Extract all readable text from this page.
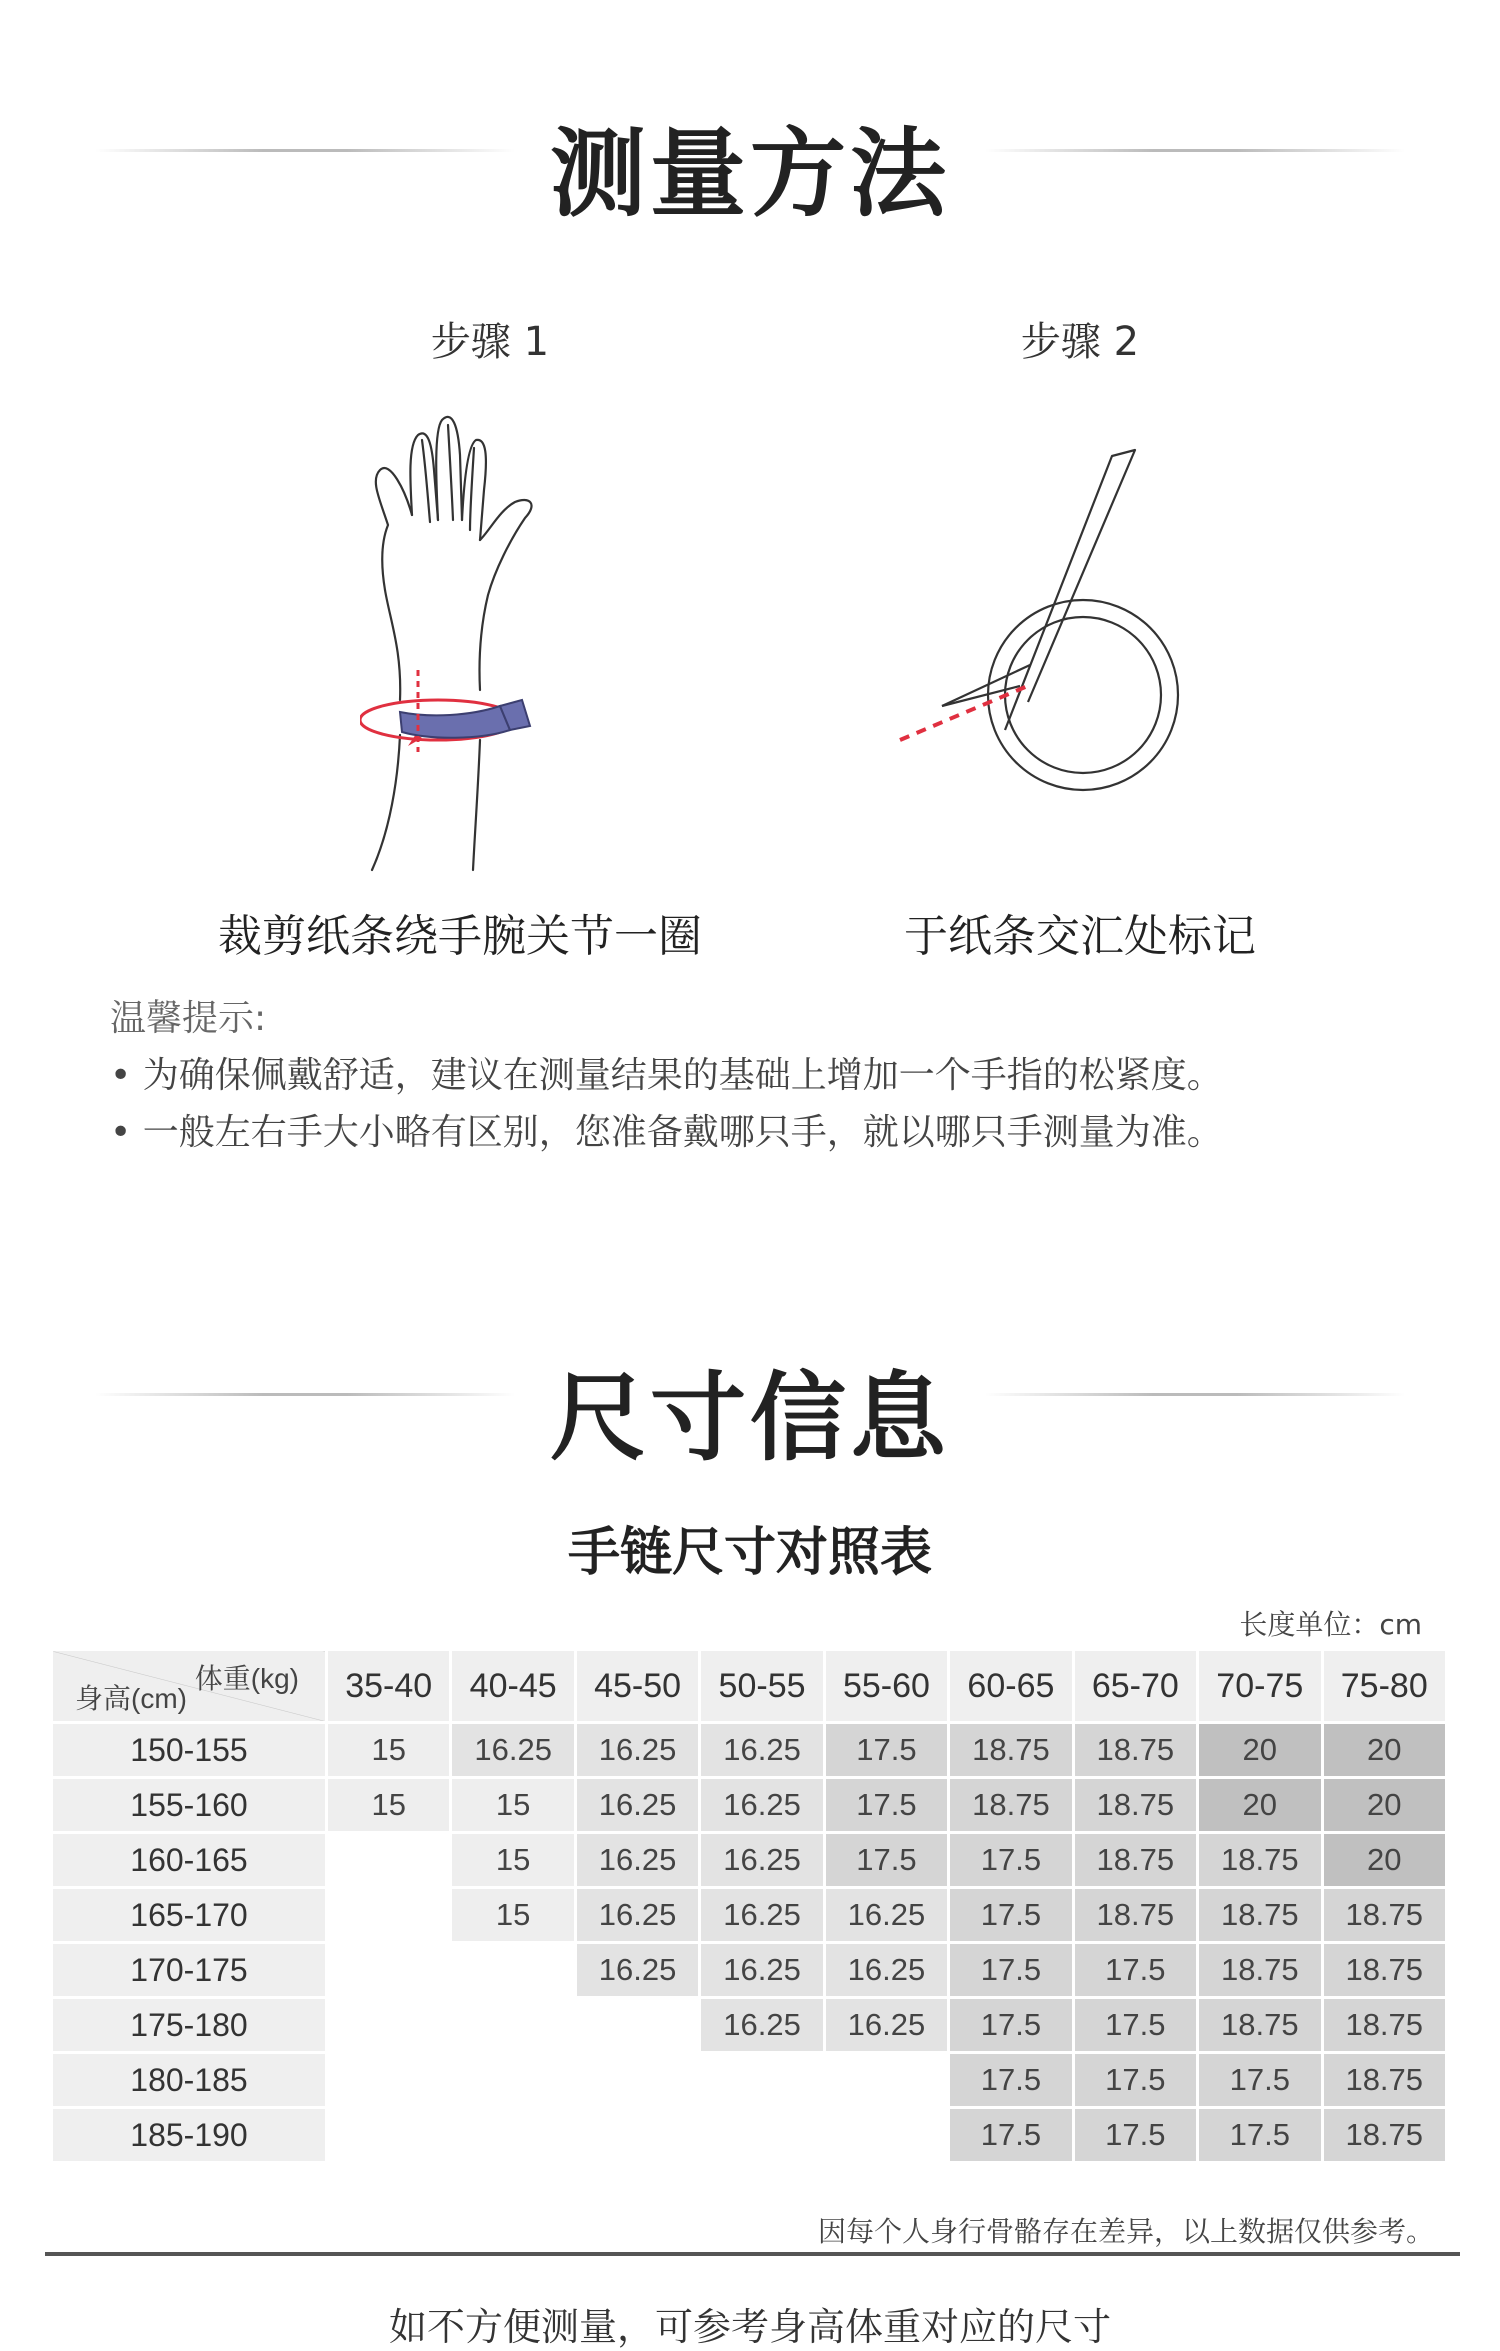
测量方法
步骤 1	步骤 2
裁剪纸条绕手腕关节一圈	于纸条交汇处标记
温馨提示:
• 为确保佩戴舒适，建议在测量结果的基础上增加一个手指的松紧度。
• 一般左右手大小略有区别，您准备戴哪只手，就以哪只手测量为准。
尺寸信息
手链尺寸对照表
长度单位：cm
体重(kg)
身高(cm)	35-40	40-45	45-50	50-55	55-60	60-65	65-70	70-75	75-80
150-155	15	16.25	16.25	16.25	17.5	18.75	18.75	20	20
155-160	15	15	16.25	16.25	17.5	18.75	18.75	20	20
160-165		15	16.25	16.25	17.5	17.5	18.75	18.75	20
165-170		15	16.25	16.25	16.25	17.5	18.75	18.75	18.75
170-175			16.25	16.25	16.25	17.5	17.5	18.75	18.75
175-180				16.25	16.25	17.5	17.5	18.75	18.75
180-185						17.5	17.5	17.5	18.75
185-190						17.5	17.5	17.5	18.75
因每个人身行骨骼存在差异，以上数据仅供参考。
如不方便测量，可参考身高体重对应的尺寸
